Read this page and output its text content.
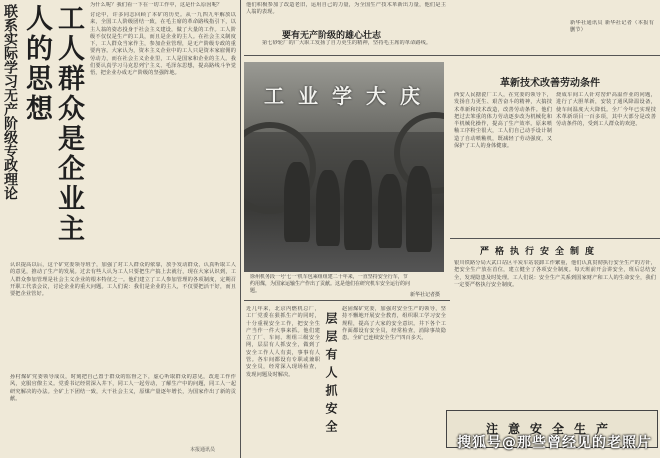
联系实际学习无产阶级专政理论	工人群众是企业主人的思想	为什么呢？我们看一下在一切工作中，这是什么原因呢？
讨论中，许多同志回顾了本矿的历史。从一九四九年解放以来，全国工人阶级团结一致，在毛主席的革命路线指引下，以主人翁的姿态投身于社会主义建设，做了大量的工作。工人阶级不仅仅是生产的工具，而且是企业的主人。在社会主义制度下，工人群众当家作主，参加企业管理，是无产阶级专政的重要内容。大家认为，资本主义企业中的工人只是资本家雇佣的劳动力，而在社会主义企业里，工人是国家和企业的主人。我们要认真学习马克思列宁主义、毛泽东思想，提高路线斗争觉悟，把企业办成无产阶级的坚强阵地。
认识提高以后，这个矿党委领导班子，加强了对工人群众的依靠，放手发动群众，认真听取工人的意见，推动了生产的发展。过去有些人认为工人只要把生产搞上去就行，现在大家认识到，工人群众参加管理是社会主义企业的根本特征之一。他们建立了工人参加管理的各项制度，定期召开职工代表会议，讨论企业的重大问题。工人们说：我们是企业的主人，不仅要把活干好，而且要把企业管好。
孙村煤矿党委领导成员，时刻把自己置于群众的监督之下，虚心听取群众的意见，改进工作作风，克服官僚主义。党委书记经常深入井下，同工人一起劳动，了解生产中的问题，同工人一起研究解决的办法。全矿上下团结一致，大干社会主义，原煤产量逐年增长，为国家作出了新的贡献。
本报通讯员
他们积极参加了改造老旧，运用自己的力量，为全国生产技术革新出力量，他们是主人翁的表现。
要有无产阶级的雄心壮志
第七砂轮厂的广大职工发扬了自力更生的精神，坚持毛主席的革命路线。
工业学大庆
徐州机务段一号'七一'机车包乘组组建二十年来，一直坚持安全行车，节约用煤，为国家运输生产作出了贡献。这是他们在研究机车安全运行的问题。
新华社记者摄
层层有人抓安全
近几年来，北京内燃机总厂，工厂党委在狠抓生产的同时，十分重视安全工作，把安全生产当作一件大事来抓。他们建立了厂、车间、班组三级安全网，层层有人抓安全，做到了安全工作人人有责，事事有人管。各车间都设有专职或兼职安全员，经常深入现场检查，发现问题及时解决。
赵固煤矿党委，加强对安全生产的领导，坚持不懈地开展安全教育，组织职工学习安全规程，提高了大家的安全意识。井下各个工作面都设有安全员，经常检查，消除事故隐患。全矿已连续安全生产四百多天。
新华社通讯员 新华社记者（本报有删节）
革新技术改善劳动条件
西安人民搪瓷厂工人，在党委的领导下，发扬自力更生、艰苦奋斗的精神，大搞技术革新和技术改造，改善劳动条件。他们把过去笨重的体力劳动逐步改为机械化和半机械化操作，提高了生产效率。原来喷釉工序粉尘很大，工人们自己动手设计制造了自动喷釉机，既减轻了劳动强度，又保护了工人的身体健康。
烧成车间工人针对窑炉高温作业的问题，进行了大胆革新，安装了通风降温设备，使车间温度大大降低。全厂今年已实现技术革新项目一百多项，其中大部分是改善劳动条件的，受到工人群众的欢迎。
严格执行安全制度
银川铁路分局大武口站区平炭车站装卸工作繁重，他们认真贯彻执行安全生产的方针，把安全生产放在首位，建立健全了各项安全制度。每天班前开会讲安全，班后总结安全，发现隐患及时处理。工人们说：安全生产关系到国家财产和工人的生命安全，我们一定要严格执行安全制度。
注意安全生产
搜狐号@那些曾经见的老照片
